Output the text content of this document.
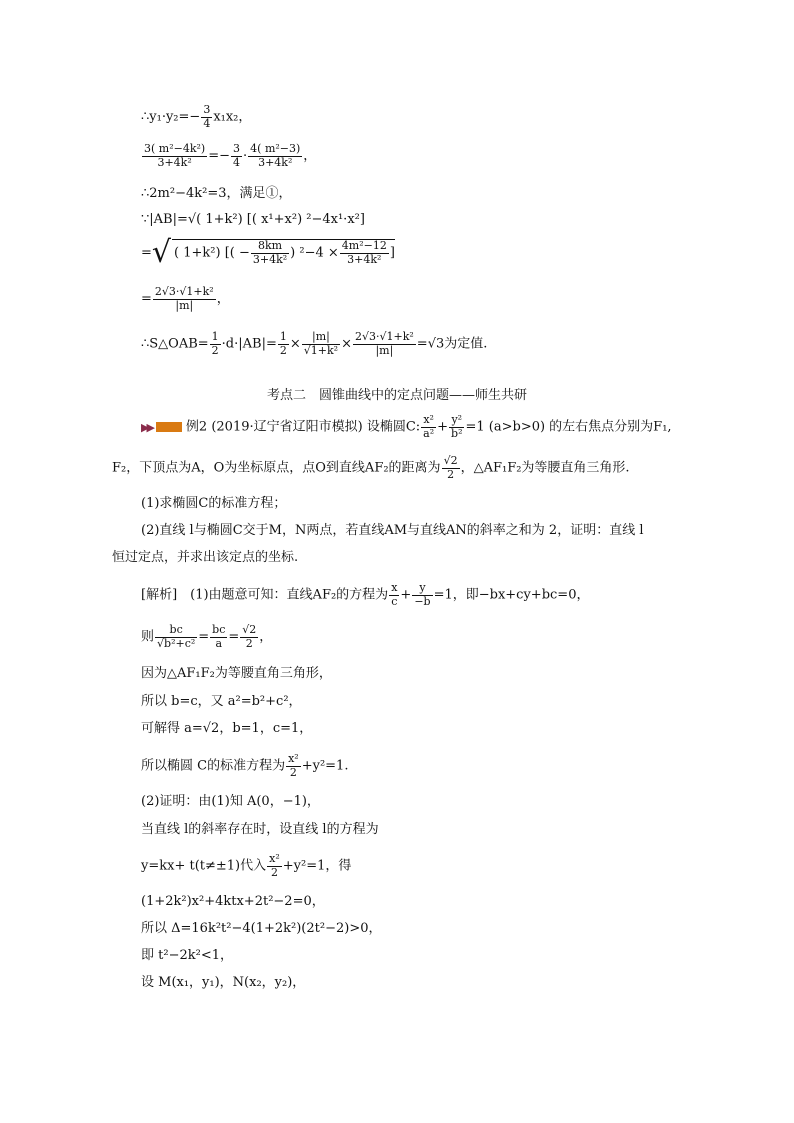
∴y₁·y₂=− $\frac{3}{4} x_1x_2$，
$\frac{\text{3( m²−4k²)}}{\text{3+4k²}} =- \frac{3}{4} \cdot \frac{\text{4( m²−3)}}{\text{3+4k²}}$ ，
∴2m²−4k²=3，满足①，
∵|AB|=√( 1+k²) [( x¹+x²) ²−4x¹·x²]
=√ ( 1+k²) [( − $\frac{8km}{\text{3+4k²}}$ ) $^2-4 \times \frac{\text{4m²−12}}{\text{3+4k²}}$ ]
= $\frac{\text{2√3·√1+k²}}{|m|}$ ，
∴S△OAB= $\frac{1}{2} \cdot d\cdot|AB|= \frac{1}{2} \times \frac{|m|}{\text{√1+k²}} \times \frac{\text{2√3·√1+k²}}{|m|} =√3$为定值.
考点二　圆锥曲线中的定点问题——师生共研
▶▶	例2 (2019·辽宁省辽阳市模拟) 设椭圆C: $\frac{\text{x²}}{\text{a²}} + \frac{\text{y²}}{\text{b²}} =1$ (a>b>0) 的左右焦点分别为F₁,
F₂，下顶点为A，O为坐标原点，点O到直线AF₂的距离为 $\frac{√2}{2}$ ，△AF₁F₂为等腰直角三角形.
(1)求椭圆C的标准方程；
(2)直线 l与椭圆C交于M，N两点，若直线AM与直线AN的斜率之和为 2，证明：直线 l
恒过定点，并求出该定点的坐标.
[解析]　(1)由题意可知：直线AF₂的方程为 $\frac{x}{c} + \frac{y}{-b} =1$，即−bx+cy+bc=0，
则 $\frac{bc}{\text{√b²+c²}} = \frac{bc}{a} = \frac{√2}{2}$ ，
因为△AF₁F₂为等腰直角三角形，
所以 b=c，又 a²=b²+c²，
可解得 a=√2，b=1，c=1，
所以椭圆 C的标准方程为 $\frac{\text{x²}}{2} +y^2=1$.
(2)证明：由(1)知 A(0，−1)，
当直线 l的斜率存在时，设直线 l的方程为
y=kx+ t(t≠±1)代入 $\frac{\text{x²}}{2} +y^2=1$，得
(1+2k²)x²+4ktx+2t²−2=0，
所以 Δ=16k²t²−4(1+2k²)(2t²−2)>0，
即 t²−2k²<1，
设 M(x₁，y₁)，N(x₂，y₂)，
